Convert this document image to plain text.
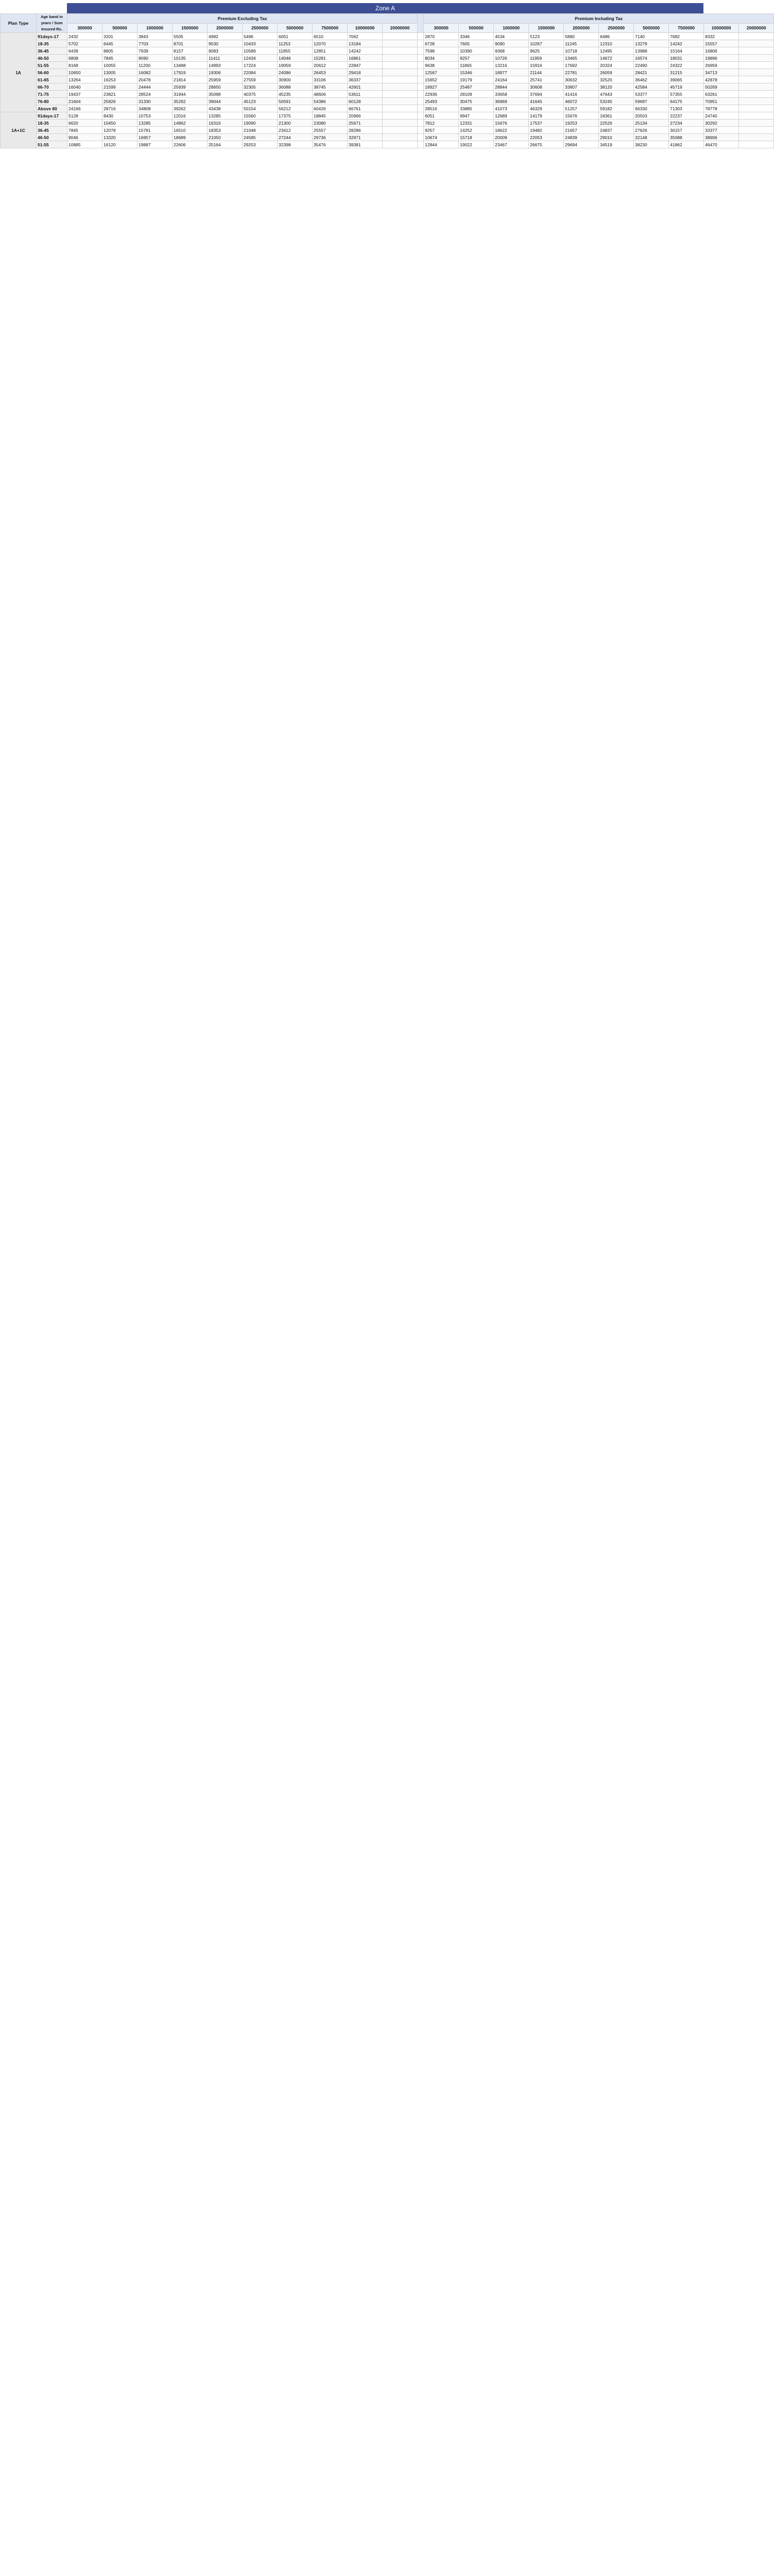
Zone A
Plan Type	Age band in years / Sum Insured Rs.	Premium Excluding Tax											Premium Including Tax									
		300000	500000	1000000	1500000	2000000	2500000	5000000	7500000	10000000	20000000		300000	500000	1000000	1500000	2000000	2500000	5000000	7500000	10000000	20000000
1A	91days-17	2432	3201	3843	5505	4982	5496	6051	6510	7062			2870	3346	4534	5123	5880	6486	7140	7682	8332	
	18-35	5702	6445	7703	8701	9530	10433	11253	12070	13184			6728	7605	9090	10267	11245	12310	13279	14242	15557	
	36-45	6439	8805	7939	8157	9083	10589	11855	12851	14242			7598	10390	9368	9625	10718	12495	13988	15164	16806	
	46-50	6808	7845	9090	10135	11411	12434	14046	15281	16861			8034	9257	10726	11959	13465	14672	16574	18031	19896	
	51-55	8168	10055	11200	13488	14993	17224	19059	20612	22847			9638	11865	13216	15916	17692	20324	22490	24322	26959	
	56-60	10650	13005	16082	17919	19306	22084	24086	26453	29418			12567	15346	18977	21144	22781	26059	28421	31215	34713	
	61-65	13264	16253	20478	21814	25959	27559	30900	33106	36337			15652	19179	24164	25741	30632	32520	36462	39065	42878	
	66-70	16040	21599	24444	25939	28650	32305	36088	38745	42601			18927	25487	28844	30608	33807	38120	42584	45719	50269	
	71-75	19437	23821	28524	31944	35098	40375	45235	48606	53611			22936	28109	33658	37694	41416	47643	53377	57355	63261	
	76-80	21604	25826	31330	35292	39044	45123	50591	54386	60128			25493	30475	36969	41645	46072	53245	59697	64175	70951	
	Above 80	24166	28716	34808	39262	43438	50154	56212	60426	66761			28516	33885	41073	46329	51257	59182	66330	71303	78778	
1A+1C	91days-17	5128	8430	10753	12016	13285	15560	17375	18845	20966			6051	9947	12689	14179	15676	18361	20503	22237	24740	
	18-35	6620	10450	13285	14862	16316	19090	21300	23080	25671			7812	12331	15676	17537	19253	22526	25134	27234	30292	
	36-45	7845	12078	15781	16510	18353	21048	23412	25557	28286			9257	14252	18622	19482	21657	24837	27626	30157	33377	
	46-50	9046	13320	16957	18689	21050	24585	27244	29736	32971			10674	15718	20009	22053	24839	29010	32148	35088	38906	
	51-55	10885	16120	19887	22606	25164	29253	32398	35476	39381			12844	19022	23467	26675	29694	34519	38230	41862	46470	
